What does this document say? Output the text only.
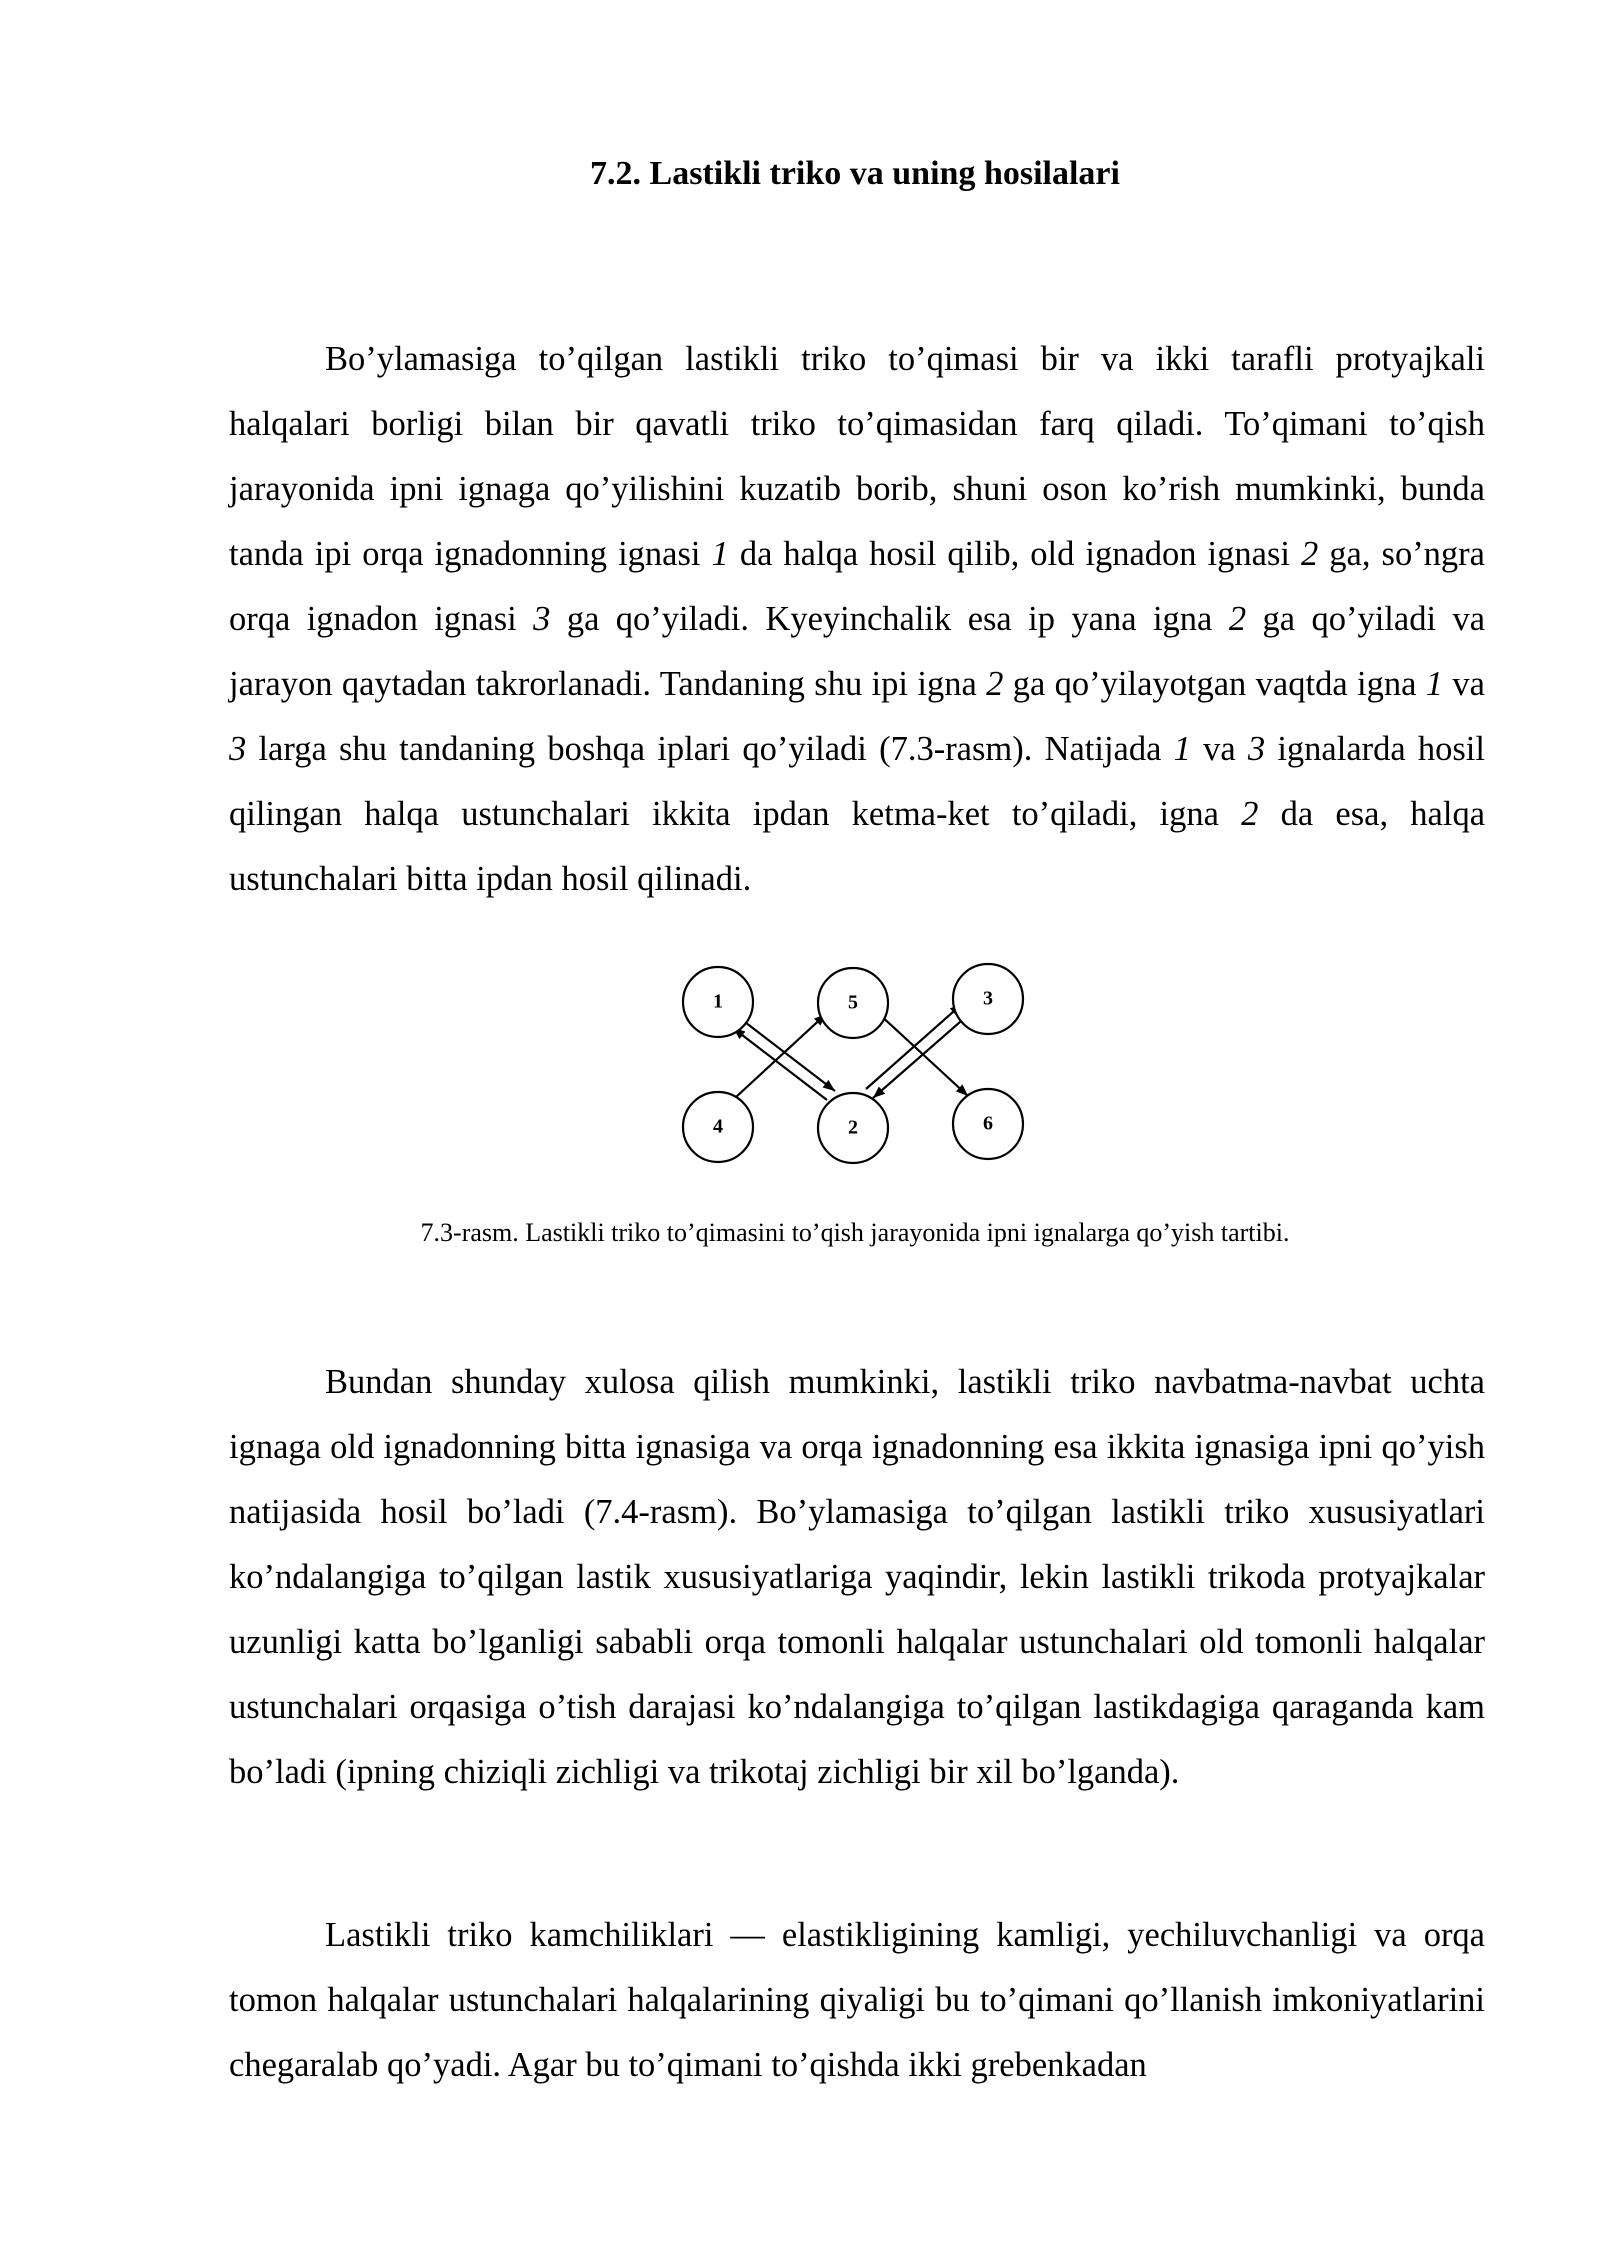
7.2. Lastikli triko va uning hosilalari

Bo’ylamasiga to’qilgan lastikli triko to’qimasi bir va ikki tarafli protyajkali halqalari borligi bilan bir qavatli triko to’qimasidan farq qiladi. To’qimani to’qish jarayonida ipni ignaga qo’yilishini kuzatib borib, shuni oson ko’rish mumkinki, bunda tanda ipi orqa ignadonning ignasi 1 da halqa hosil qilib, old ignadon ignasi 2 ga, so’ngra orqa ignadon ignasi 3 ga qo’yiladi. Kyeyinchalik esa ip yana igna 2 ga qo’yiladi va jarayon qaytadan takrorlanadi. Tandaning shu ipi igna 2 ga qo’yilayotgan vaqtda igna 1 va 3 larga shu tandaning boshqa iplari qo’yiladi (7.3-rasm). Natijada 1 va 3 ignalarda hosil qilingan halqa ustunchalari ikkita ipdan ketma-ket to’qiladi, igna 2 da esa, halqa ustunchalari bitta ipdan hosil qilinadi.

1	5	3
4	2	6

7.3-rasm. Lastikli triko to’qimasini to’qish jarayonida ipni ignalarga qo’yish tartibi.

Bundan shunday xulosa qilish mumkinki, lastikli triko navbatma-navbat uchta ignaga old ignadonning bitta ignasiga va orqa ignadonning esa ikkita ignasiga ipni qo’yish natijasida hosil bo’ladi (7.4-rasm). Bo’ylamasiga to’qilgan lastikli triko xususiyatlari ko’ndalangiga to’qilgan lastik xususiyatlariga yaqindir, lekin lastikli trikoda protyajkalar uzunligi katta bo’lganligi sababli orqa tomonli halqalar ustunchalari old tomonli halqalar ustunchalari orqasiga o’tish darajasi ko’ndalangiga to’qilgan lastikdagiga qaraganda kam bo’ladi (ipning chiziqli zichligi va trikotaj zichligi bir xil bo’lganda).

Lastikli triko kamchiliklari — elastikligining kamligi, yechiluvchanligi va orqa tomon halqalar ustunchalari halqalarining qiyaligi bu to’qimani qo’llanish imkoniyatlarini chegaralab qo’yadi. Agar bu to’qimani to’qishda ikki grebenkadan
